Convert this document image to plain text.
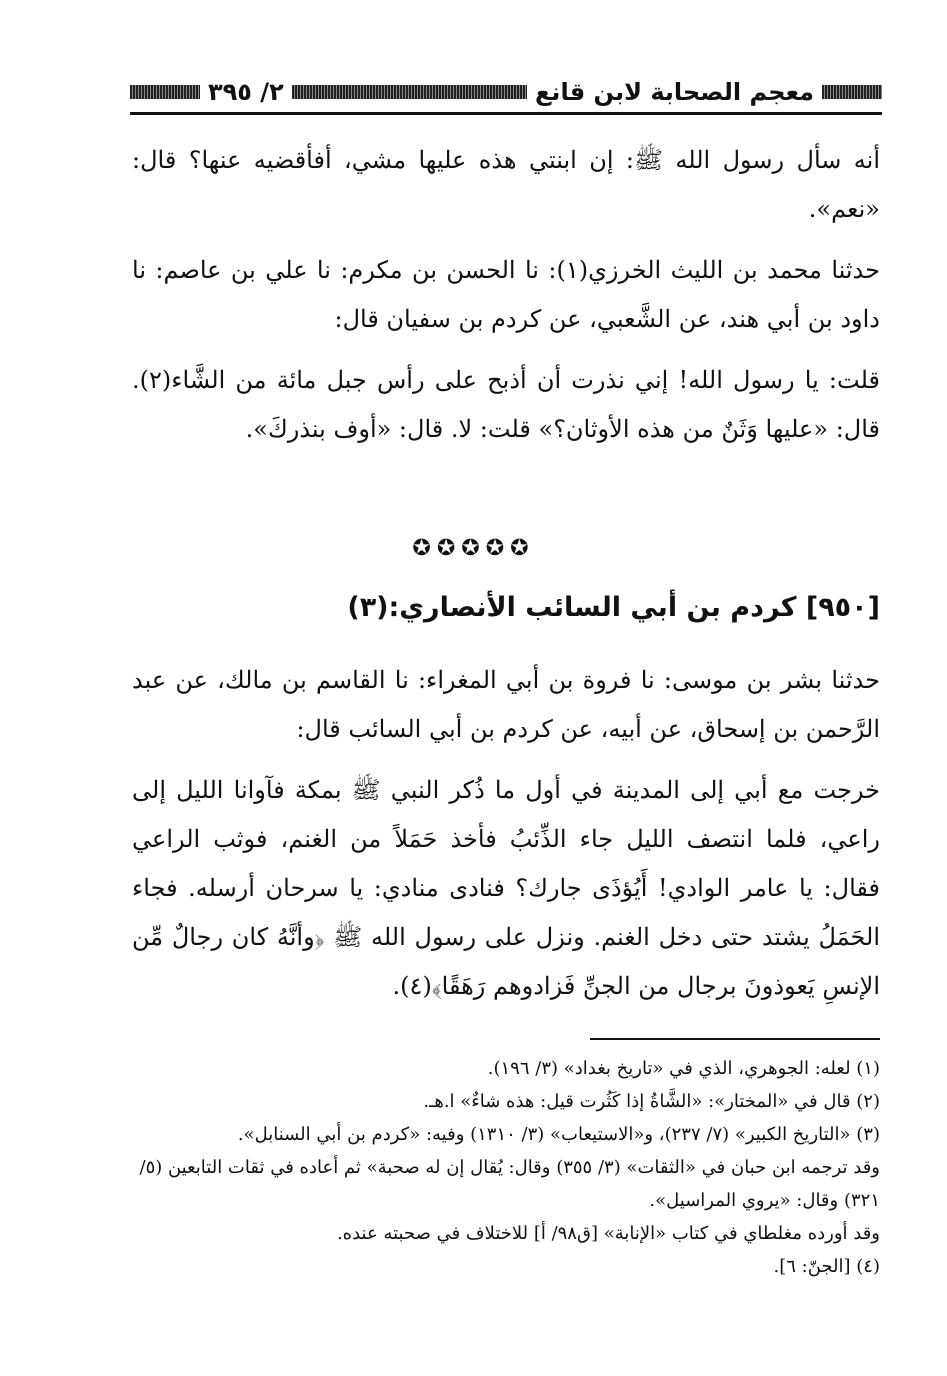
معجم الصحابة لابن قانع
٢/ ٣٩٥

أنه سأل رسول الله ﷺ: إن ابنتي هذه عليها مشي، أفأقضيه عنها؟ قال: «نعم».

حدثنا محمد بن الليث الخرزي(١): نا الحسن بن مكرم: نا علي بن عاصم: نا داود بن أبي هند، عن الشَّعبي، عن كردم بن سفيان قال:

قلت: يا رسول الله! إني نذرت أن أذبح على رأس جبل مائة من الشَّاء(٢). قال: «عليها وَثَنٌ من هذه الأوثان؟» قلت: لا. قال: «أوف بنذركَ».

✪✪✪✪✪
[٩٥٠] كردم بن أبي السائب الأنصاري:(٣)

حدثنا بشر بن موسى: نا فروة بن أبي المغراء: نا القاسم بن مالك، عن عبد الرَّحمن بن إسحاق، عن أبيه، عن كردم بن أبي السائب قال:

خرجت مع أبي إلى المدينة في أول ما ذُكر النبي ﷺ بمكة فآوانا الليل إلى راعي، فلما انتصف الليل جاء الذِّئبُ فأخذ حَمَلاً من الغنم، فوثب الراعي فقال: يا عامر الوادي! أَيُؤذَى جارك؟ فنادى منادي: يا سرحان أرسله. فجاء الحَمَلُ يشتد حتى دخل الغنم. ونزل على رسول الله ﷺ ﴿وأنَّهُ كان رجالٌ مِّن الإنسِ يَعوذونَ برجال من الجنِّ فَزادوهم رَهَقًا﴾(٤).

(١) لعله: الجوهري، الذي في «تاريخ بغداد» (٣/ ١٩٦).
(٢) قال في «المختار»: «الشَّاةُ إذا كَثُرت قيل: هذه شاءٌ» ا.هـ.
(٣) «التاريخ الكبير» (٧/ ٢٣٧)، و«الاستيعاب» (٣/ ١٣١٠) وفيه: «كردم بن أبي السنابل».
وقد ترجمه ابن حبان في «الثقات» (٣/ ٣٥٥) وقال: يُقال إن له صحبة» ثم أعاده في ثقات التابعين (٥/ ٣٢١) وقال: «يروي المراسيل».
وقد أورده مغلطاي في كتاب «الإنابة» [ق٩٨/ أ] للاختلاف في صحبته عنده.
(٤) [الجنّ: ٦].
